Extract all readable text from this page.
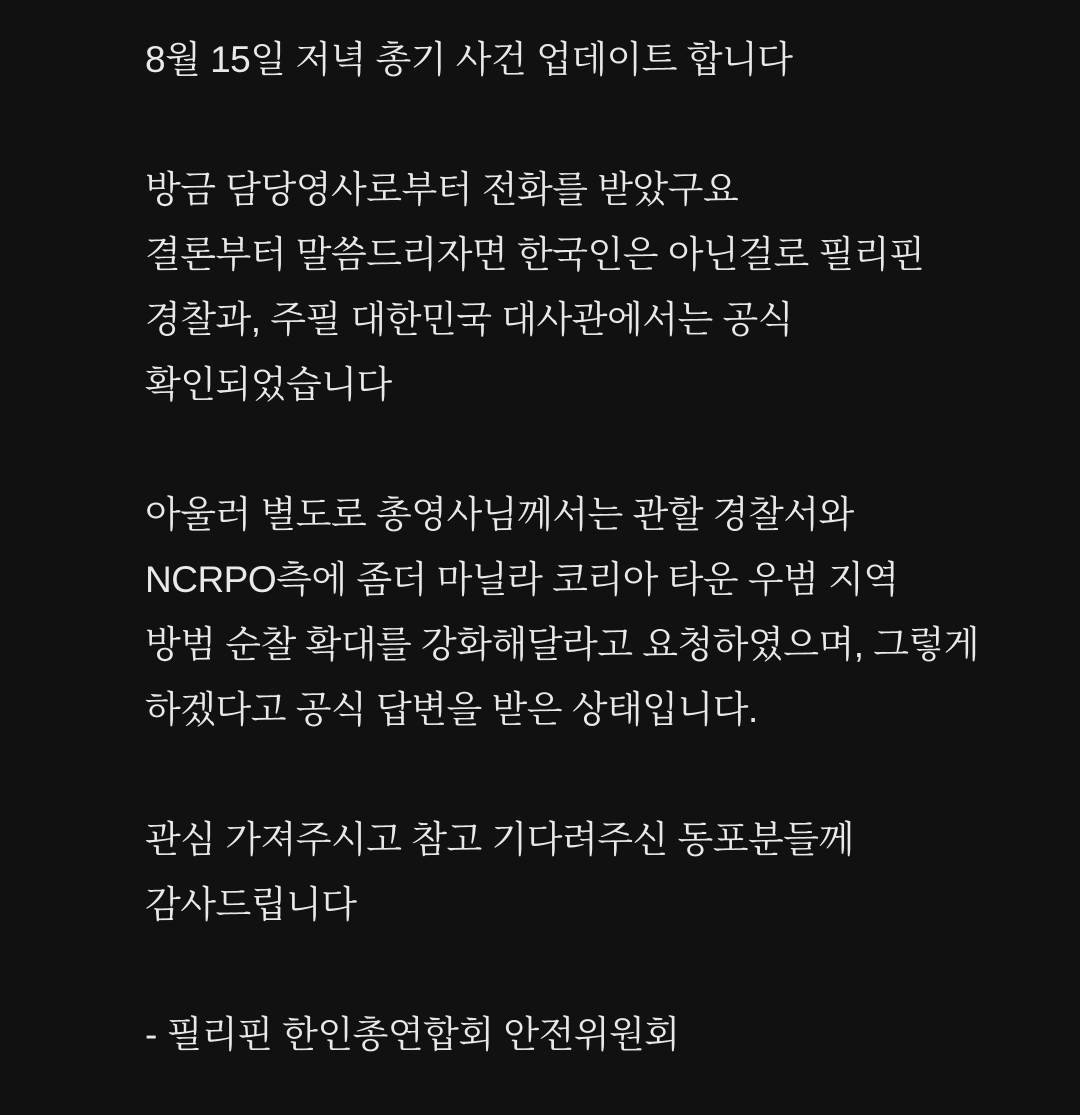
8월 15일 저녁 총기 사건 업데이트 합니다
방금 담당영사로부터 전화를 받았구요
결론부터 말씀드리자면 한국인은 아닌걸로 필리핀
경찰과, 주필 대한민국 대사관에서는 공식
확인되었습니다
아울러 별도로 총영사님께서는 관할 경찰서와
NCRPO측에 좀더 마닐라 코리아 타운 우범 지역
방범 순찰 확대를 강화해달라고 요청하였으며, 그렇게
하겠다고 공식 답변을 받은 상태입니다.
관심 가져주시고 참고 기다려주신 동포분들께
감사드립니다
- 필리핀 한인총연합회 안전위원회
